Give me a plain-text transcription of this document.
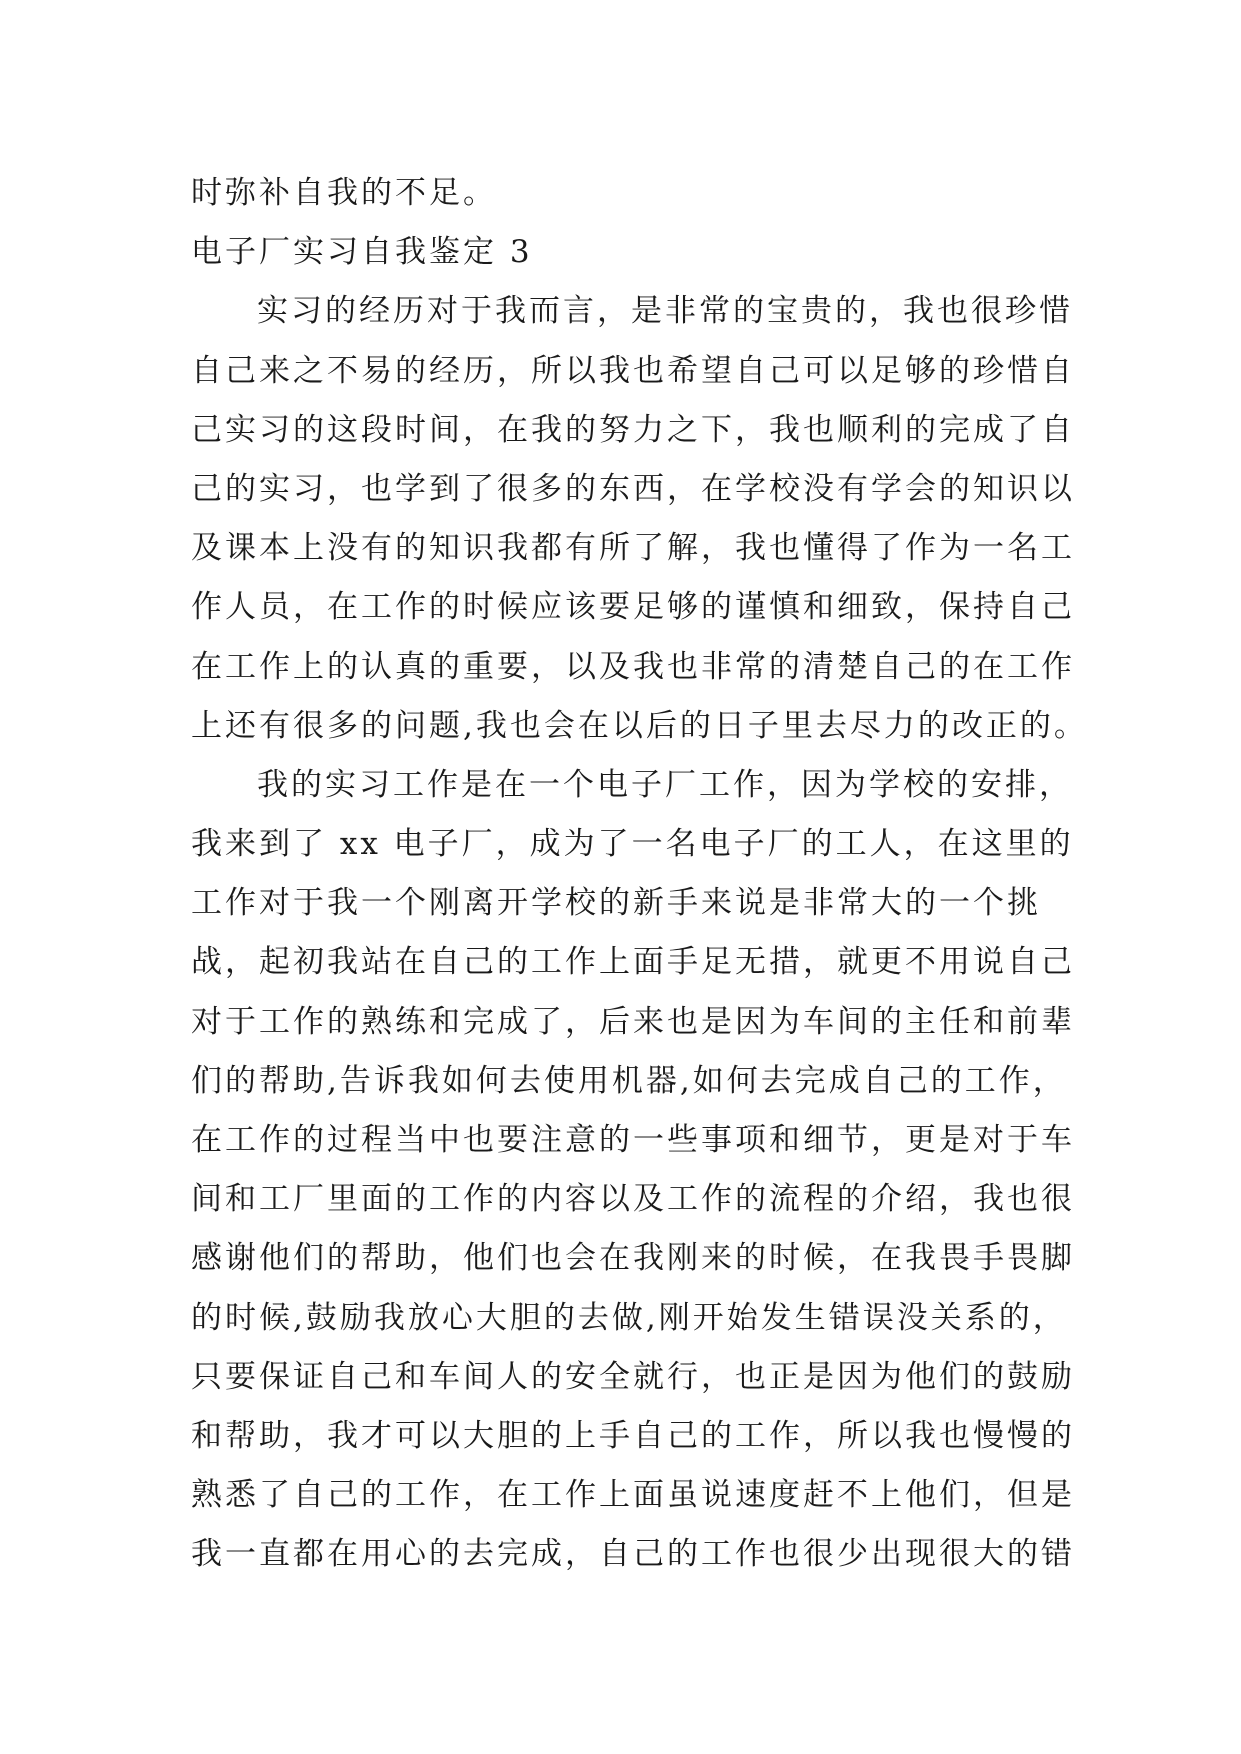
时弥补自我的不足。
电子厂实习自我鉴定 3
实习的经历对于我而言，是非常的宝贵的，我也很珍惜
自己来之不易的经历，所以我也希望自己可以足够的珍惜自
己实习的这段时间，在我的努力之下，我也顺利的完成了自
己的实习，也学到了很多的东西，在学校没有学会的知识以
及课本上没有的知识我都有所了解，我也懂得了作为一名工
作人员，在工作的时候应该要足够的谨慎和细致，保持自己
在工作上的认真的重要，以及我也非常的清楚自己的在工作
上还有很多的问题,我也会在以后的日子里去尽力的改正的。
我的实习工作是在一个电子厂工作，因为学校的安排，
我来到了 xx 电子厂，成为了一名电子厂的工人，在这里的
工作对于我一个刚离开学校的新手来说是非常大的一个挑
战，起初我站在自己的工作上面手足无措，就更不用说自己
对于工作的熟练和完成了，后来也是因为车间的主任和前辈
们的帮助,告诉我如何去使用机器,如何去完成自己的工作，
在工作的过程当中也要注意的一些事项和细节，更是对于车
间和工厂里面的工作的内容以及工作的流程的介绍，我也很
感谢他们的帮助，他们也会在我刚来的时候，在我畏手畏脚
的时候,鼓励我放心大胆的去做,刚开始发生错误没关系的，
只要保证自己和车间人的安全就行，也正是因为他们的鼓励
和帮助，我才可以大胆的上手自己的工作，所以我也慢慢的
熟悉了自己的工作，在工作上面虽说速度赶不上他们，但是
我一直都在用心的去完成，自己的工作也很少出现很大的错
